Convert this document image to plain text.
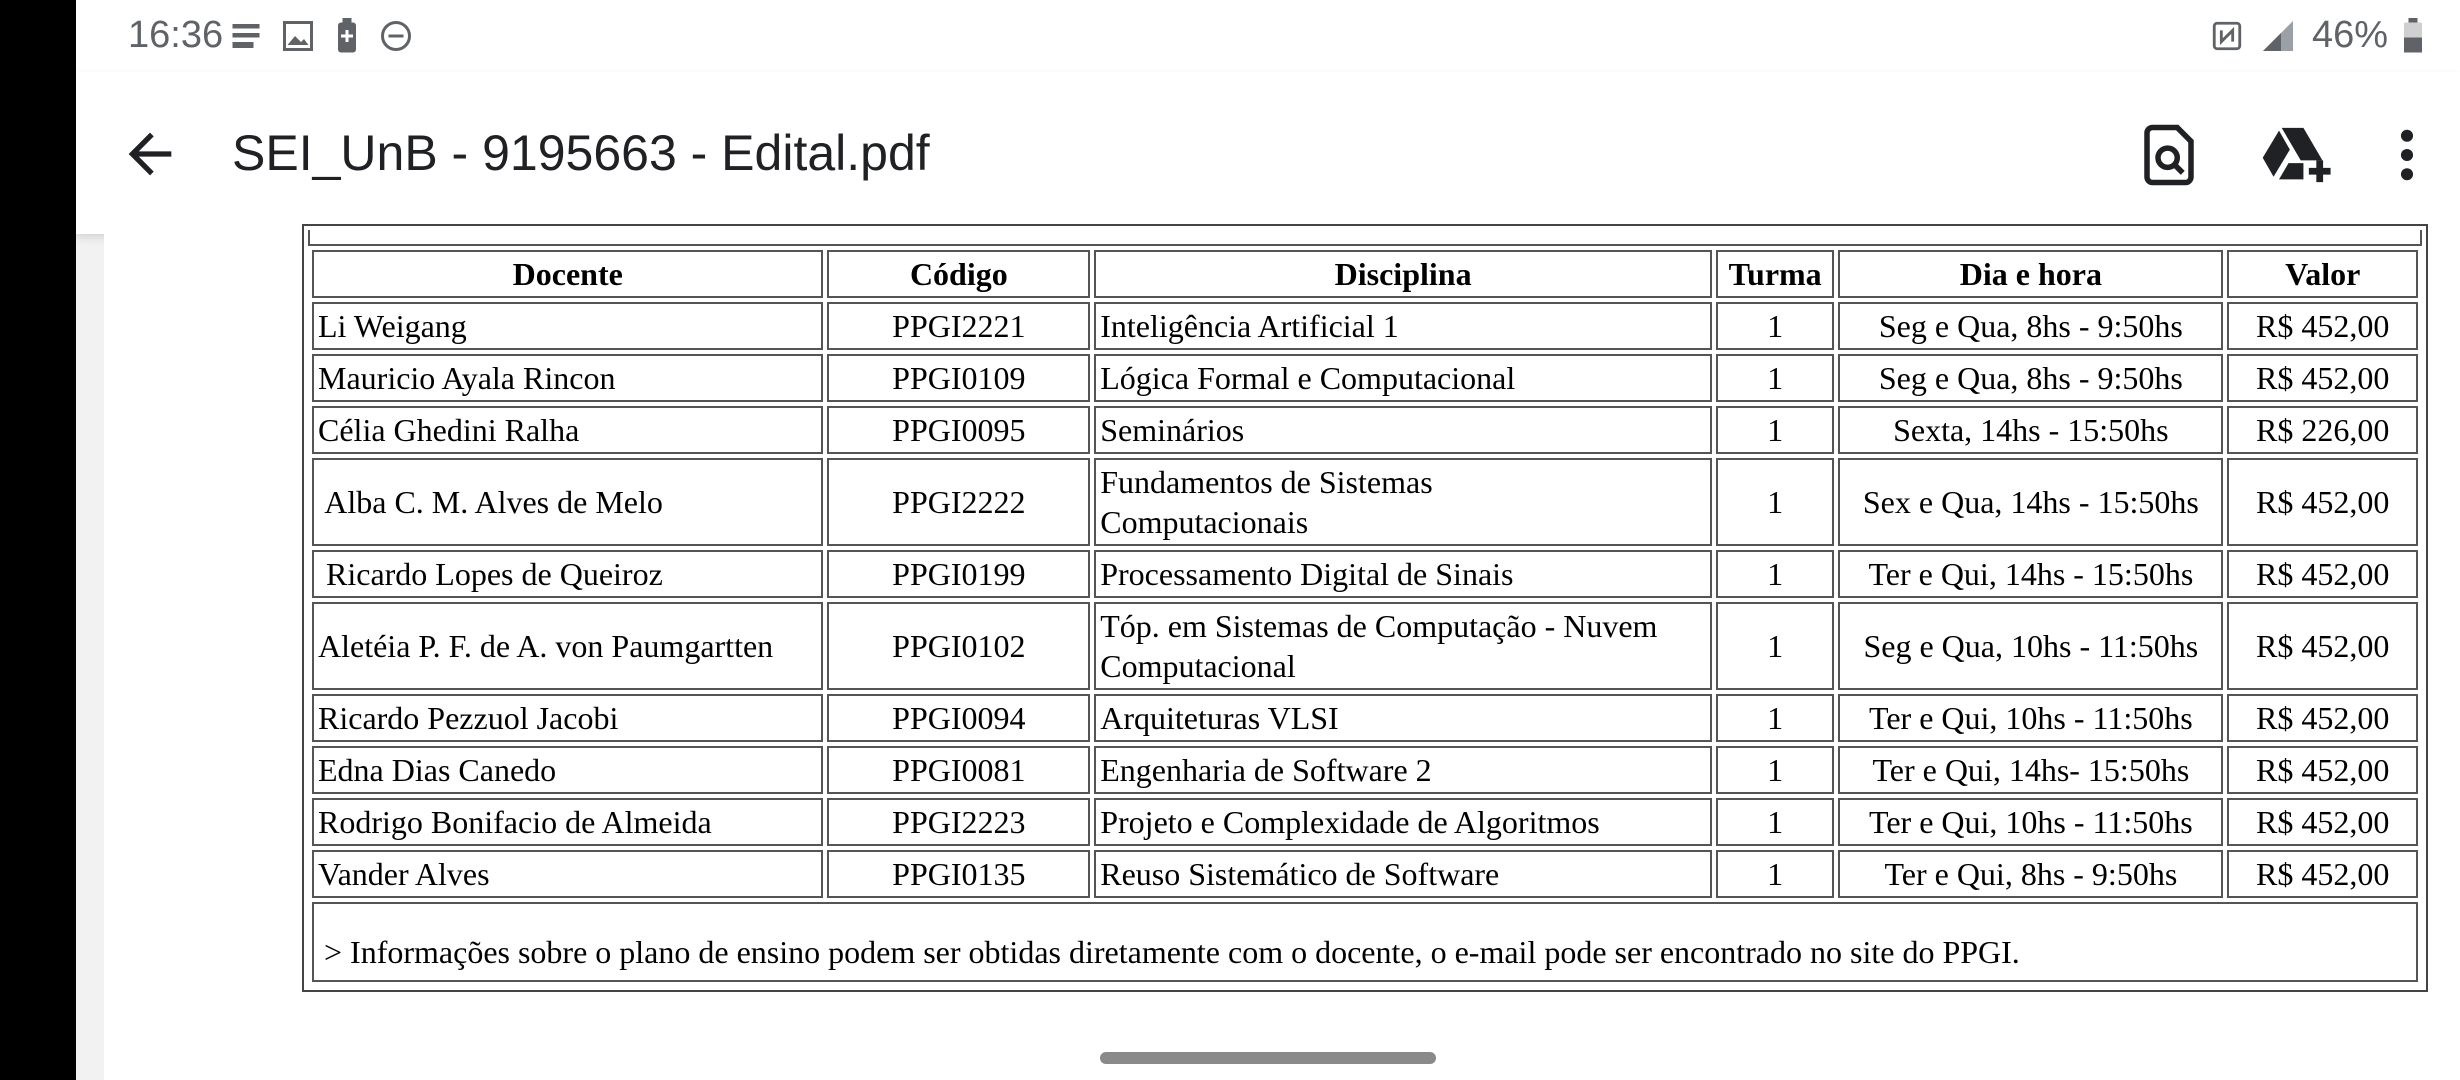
16:36	46%
SEI_UnB - 9195663 - Edital.pdf
Docente	Código	Disciplina	Turma	Dia e hora	Valor
Li Weigang	PPGI2221	Inteligência Artificial 1	1	Seg e Qua, 8hs - 9:50hs	R$ 452,00
Mauricio Ayala Rincon	PPGI0109	Lógica Formal e Computacional	1	Seg e Qua, 8hs - 9:50hs	R$ 452,00
Célia Ghedini Ralha	PPGI0095	Seminários	1	Sexta, 14hs - 15:50hs	R$ 226,00
Alba C. M. Alves de Melo	PPGI2222	Fundamentos de Sistemas Computacionais	1	Sex e Qua, 14hs - 15:50hs	R$ 452,00
Ricardo Lopes de Queiroz	PPGI0199	Processamento Digital de Sinais	1	Ter e Qui, 14hs - 15:50hs	R$ 452,00
Aletéia P. F. de A. von Paumgartten	PPGI0102	Tóp. em Sistemas de Computação - Nuvem Computacional	1	Seg e Qua, 10hs - 11:50hs	R$ 452,00
Ricardo Pezzuol Jacobi	PPGI0094	Arquiteturas VLSI	1	Ter e Qui, 10hs - 11:50hs	R$ 452,00
Edna Dias Canedo	PPGI0081	Engenharia de Software 2	1	Ter e Qui, 14hs- 15:50hs	R$ 452,00
Rodrigo Bonifacio de Almeida	PPGI2223	Projeto e Complexidade de Algoritmos	1	Ter e Qui, 10hs - 11:50hs	R$ 452,00
Vander Alves	PPGI0135	Reuso Sistemático de Software	1	Ter e Qui, 8hs - 9:50hs	R$ 452,00
> Informações sobre o plano de ensino podem ser obtidas diretamente com o docente, o e-mail pode ser encontrado no site do PPGI.					
